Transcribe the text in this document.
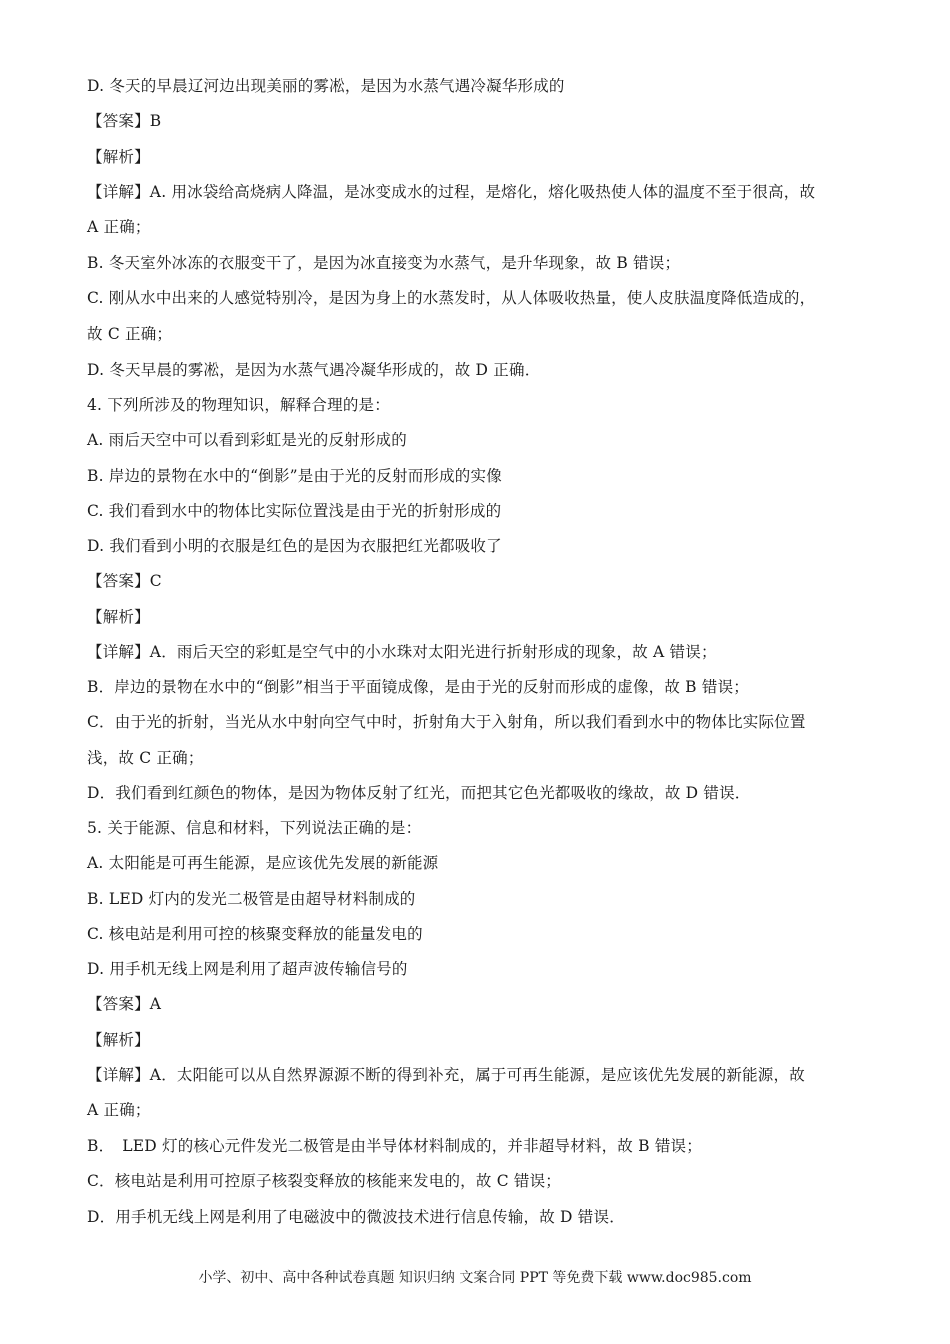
D. 冬天的早晨辽河边出现美丽的雾凇，是因为水蒸气遇冷凝华形成的
【答案】B
【解析】
【详解】A. 用冰袋给高烧病人降温，是冰变成水的过程，是熔化，熔化吸热使人体的温度不至于很高，故
A 正确；
B. 冬天室外冰冻的衣服变干了，是因为冰直接变为水蒸气，是升华现象，故 B 错误；
C. 刚从水中出来的人感觉特别冷，是因为身上的水蒸发时，从人体吸收热量，使人皮肤温度降低造成的，
故 C 正确；
D. 冬天早晨的雾凇，是因为水蒸气遇冷凝华形成的，故 D 正确．
4. 下列所涉及的物理知识，解释合理的是：
A. 雨后天空中可以看到彩虹是光的反射形成的
B. 岸边的景物在水中的“倒影”是由于光的反射而形成的实像
C. 我们看到水中的物体比实际位置浅是由于光的折射形成的
D. 我们看到小明的衣服是红色的是因为衣服把红光都吸收了
【答案】C
【解析】
【详解】A．雨后天空的彩虹是空气中的小水珠对太阳光进行折射形成的现象，故 A 错误；
B．岸边的景物在水中的“倒影”相当于平面镜成像，是由于光的反射而形成的虚像，故 B 错误；
C．由于光的折射，当光从水中射向空气中时，折射角大于入射角，所以我们看到水中的物体比实际位置
浅，故 C 正确；
D．我们看到红颜色的物体，是因为物体反射了红光，而把其它色光都吸收的缘故，故 D 错误．
5. 关于能源、信息和材料，下列说法正确的是：
A. 太阳能是可再生能源，是应该优先发展的新能源
B. LED 灯内的发光二极管是由超导材料制成的
C. 核电站是利用可控的核聚变释放的能量发电的
D. 用手机无线上网是利用了超声波传输信号的
【答案】A
【解析】
【详解】A．太阳能可以从自然界源源不断的得到补充，属于可再生能源，是应该优先发展的新能源，故
A 正确；
B．　LED 灯的核心元件发光二极管是由半导体材料制成的，并非超导材料，故 B 错误；
C．核电站是利用可控原子核裂变释放的核能来发电的，故 C 错误；
D．用手机无线上网是利用了电磁波中的微波技术进行信息传输，故 D 错误．
小学、初中、高中各种试卷真题 知识归纳 文案合同 PPT 等免费下载 www.doc985.com
